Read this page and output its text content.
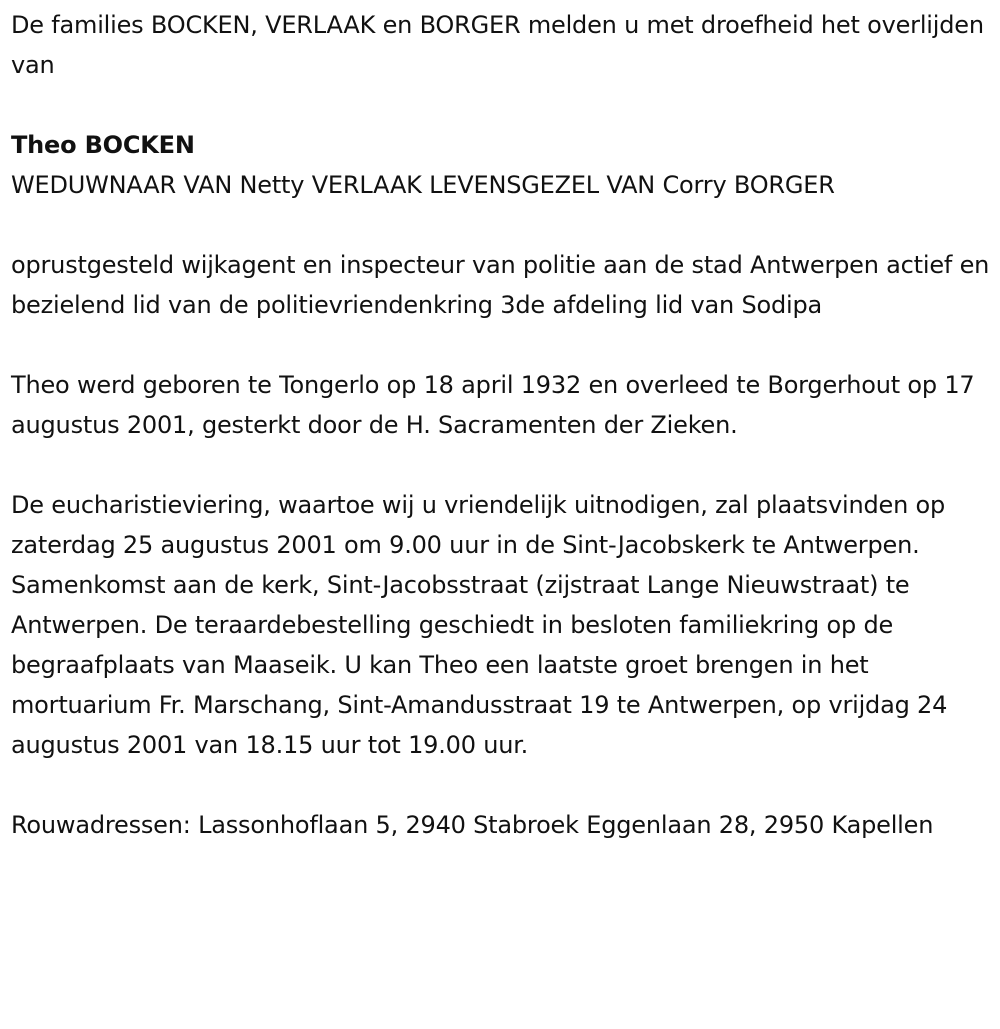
De families BOCKEN, VERLAAK en BORGER melden u met droefheid het overlijden van

Theo BOCKEN

WEDUWNAAR VAN Netty VERLAAK LEVENSGEZEL VAN Corry BORGER

oprustgesteld wijkagent en inspecteur van politie aan de stad Antwerpen actief en bezielend lid van de politievriendenkring 3de afdeling lid van Sodipa

Theo werd geboren te Tongerlo op 18 april 1932 en overleed te Borgerhout op 17 augustus 2001, gesterkt door de H. Sacramenten der Zieken.

De eucharistieviering, waartoe wij u vriendelijk uitnodigen, zal plaatsvinden op zaterdag 25 augustus 2001 om 9.00 uur in de Sint-Jacobskerk te Antwerpen. Samenkomst aan de kerk, Sint-Jacobsstraat (zijstraat Lange Nieuwstraat) te Antwerpen. De teraardebestelling geschiedt in besloten familiekring op de begraafplaats van Maaseik. U kan Theo een laatste groet brengen in het mortuarium Fr. Marschang, Sint-Amandusstraat 19 te Antwerpen, op vrijdag 24 augustus 2001 van 18.15 uur tot 19.00 uur.

Rouwadressen: Lassonhoflaan 5, 2940 Stabroek Eggenlaan 28, 2950 Kapellen
